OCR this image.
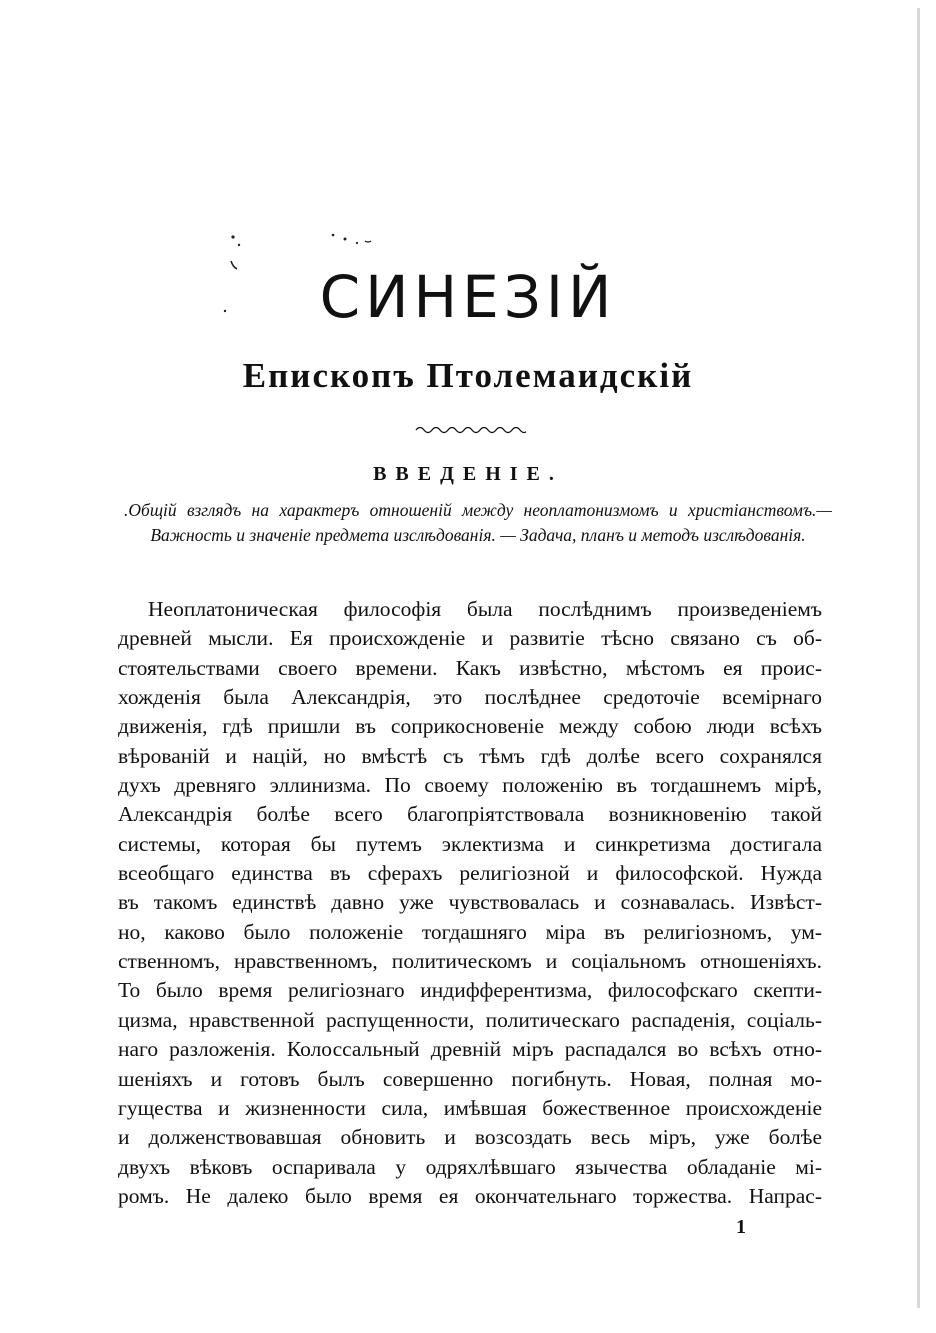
СИНЕЗIЙ
Епископъ Птолемаидскiй
ВВЕДЕНIЕ.

.Общiй взглядъ на характеръ отношенiй между неоплатонизмомъ и христiанствомъ.—Важность и значенiе предмета изслѣдованiя. — Задача, планъ и методъ изслѣдованiя.

Неоплатоническая философiя была послѣднимъ произведенiемъ
древней мысли. Ея происхожденiе и развитiе тѣсно связано съ об-
стоятельствами своего времени. Какъ извѣстно, мѣстомъ ея проис-
хожденiя была Александрiя, это послѣднее средоточiе всемiрнаго
движенiя, гдѣ пришли въ соприкосновенiе между собою люди всѣхъ
вѣрованiй и нацiй, но вмѣстѣ съ тѣмъ гдѣ долѣе всего сохранялся
духъ древняго эллинизма. По своему положенiю въ тогдашнемъ мiрѣ,
Александрiя болѣе всего благопрiятствовала возникновенiю такой
системы, которая бы путемъ эклектизма и синкретизма достигала
всеобщаго единства въ сферахъ религiозной и философской. Нужда
въ такомъ единствѣ давно уже чувствовалась и сознавалась. Извѣст-
но, каково было положенiе тогдашняго мiра въ религiозномъ, ум-
ственномъ, нравственномъ, политическомъ и соцiальномъ отношенiяхъ.
То было время религiознаго индифферентизма, философскаго скепти-
цизма, нравственной распущенности, политическаго распаденiя, соцiаль-
наго разложенiя. Колоссальный древнiй мiръ распадался во всѣхъ отно-
шенiяхъ и готовъ былъ совершенно погибнуть. Новая, полная мо-
гущества и жизненности сила, имѣвшая божественное происхожденiе
и долженствовавшая обновить и возсоздать весь мiръ, уже болѣе
двухъ вѣковъ оспаривала у одряхлѣвшаго язычества обладанiе мi-
ромъ. Не далеко было время ея окончательнаго торжества. Напрас-
1
